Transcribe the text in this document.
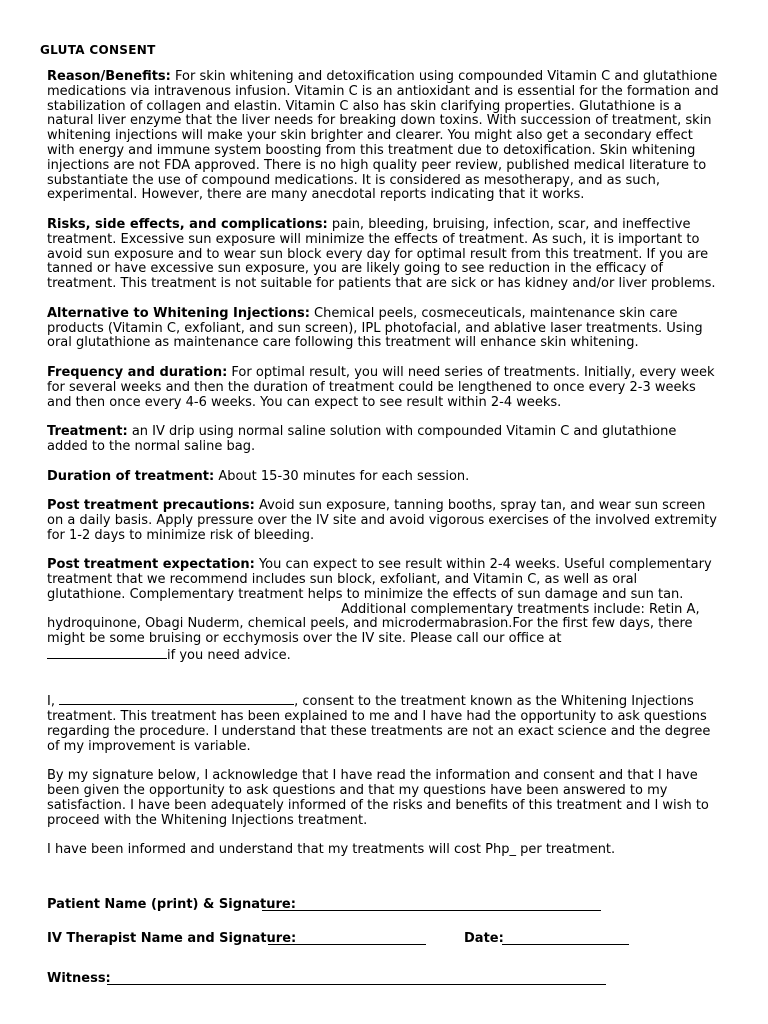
GLUTA CONSENT

Reason/Benefits: For skin whitening and detoxification using compounded Vitamin C and glutathione medications via intravenous infusion. Vitamin C is an antioxidant and is essential for the formation and stabilization of collagen and elastin. Vitamin C also has skin clarifying properties. Glutathione is a natural liver enzyme that the liver needs for breaking down toxins. With succession of treatment, skin whitening injections will make your skin brighter and clearer. You might also get a secondary effect with energy and immune system boosting from this treatment due to detoxification. Skin whitening injections are not FDA approved. There is no high quality peer review, published medical literature to substantiate the use of compound medications. It is considered as mesotherapy, and as such, experimental. However, there are many anecdotal reports indicating that it works.

Risks, side effects, and complications: pain, bleeding, bruising, infection, scar, and ineffective treatment. Excessive sun exposure will minimize the effects of treatment. As such, it is important to avoid sun exposure and to wear sun block every day for optimal result from this treatment. If you are tanned or have excessive sun exposure, you are likely going to see reduction in the efficacy of treatment. This treatment is not suitable for patients that are sick or has kidney and/or liver problems.

Alternative to Whitening Injections: Chemical peels, cosmeceuticals, maintenance skin care products (Vitamin C, exfoliant, and sun screen), IPL photofacial, and ablative laser treatments. Using oral glutathione as maintenance care following this treatment will enhance skin whitening.

Frequency and duration: For optimal result, you will need series of treatments. Initially, every week for several weeks and then the duration of treatment could be lengthened to once every 2-3 weeks and then once every 4-6 weeks. You can expect to see result within 2-4 weeks.

Treatment: an IV drip using normal saline solution with compounded Vitamin C and glutathione added to the normal saline bag.

Duration of treatment: About 15-30 minutes for each session.

Post treatment precautions: Avoid sun exposure, tanning booths, spray tan, and wear sun screen on a daily basis. Apply pressure over the IV site and avoid vigorous exercises of the involved extremity for 1-2 days to minimize risk of bleeding.

Post treatment expectation: You can expect to see result within 2-4 weeks. Useful complementary treatment that we recommend includes sun block, exfoliant, and Vitamin C, as well as oral glutathione. Complementary treatment helps to minimize the effects of sun damage and sun tan.  Additional complementary treatments include: Retin A, hydroquinone, Obagi Nuderm, chemical peels, and microdermabrasion.For the first few days, there might be some bruising or ecchymosis over the IV site. Please call our office at
if you need advice.

I,	, consent to the treatment known as the Whitening Injections treatment. This treatment has been explained to me and I have had the opportunity to ask questions regarding the procedure. I understand that these treatments are not an exact science and the degree of my improvement is variable.

By my signature below, I acknowledge that I have read the information and consent and that I have been given the opportunity to ask questions and that my questions have been answered to my satisfaction. I have been adequately informed of the risks and benefits of this treatment and I wish to proceed with the Whitening Injections treatment.

I have been informed and understand that my treatments will cost Php_ per treatment.

Patient Name (print) & Signature:
IV Therapist Name and Signature:	Date:
Witness:
